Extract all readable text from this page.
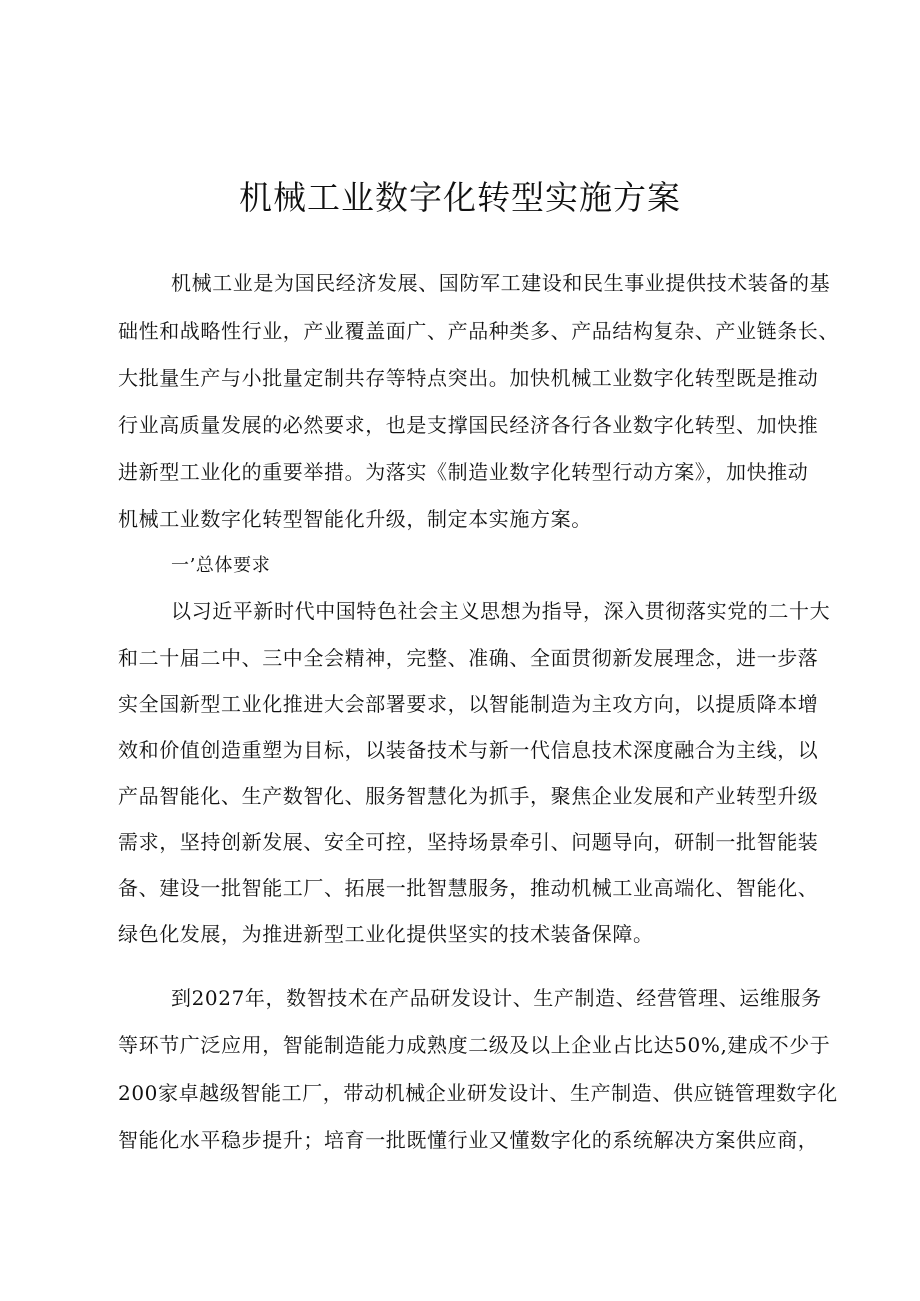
机械工业数字化转型实施方案
机械工业是为国民经济发展、国防军工建设和民生事业提供技术装备的基
础性和战略性行业，产业覆盖面广、产品种类多、产品结构复杂、产业链条长、
大批量生产与小批量定制共存等特点突出。加快机械工业数字化转型既是推动
行业高质量发展的必然要求，也是支撑国民经济各行各业数字化转型、加快推
进新型工业化的重要举措。为落实《制造业数字化转型行动方案》，加快推动
机械工业数字化转型智能化升级，制定本实施方案。
一’总体要求
以习近平新时代中国特色社会主义思想为指导，深入贯彻落实党的二十大
和二十届二中、三中全会精神，完整、准确、全面贯彻新发展理念，进一步落
实全国新型工业化推进大会部署要求，以智能制造为主攻方向，以提质降本增
效和价值创造重塑为目标，以装备技术与新一代信息技术深度融合为主线，以
产品智能化、生产数智化、服务智慧化为抓手，聚焦企业发展和产业转型升级
需求，坚持创新发展、安全可控，坚持场景牵引、问题导向，研制一批智能装
备、建设一批智能工厂、拓展一批智慧服务，推动机械工业高端化、智能化、
绿色化发展，为推进新型工业化提供坚实的技术装备保障。
到2027年，数智技术在产品研发设计、生产制造、经营管理、运维服务
等环节广泛应用，智能制造能力成熟度二级及以上企业占比达50%,建成不少于
200家卓越级智能工厂，带动机械企业研发设计、生产制造、供应链管理数字化
智能化水平稳步提升；培育一批既懂行业又懂数字化的系统解决方案供应商，
